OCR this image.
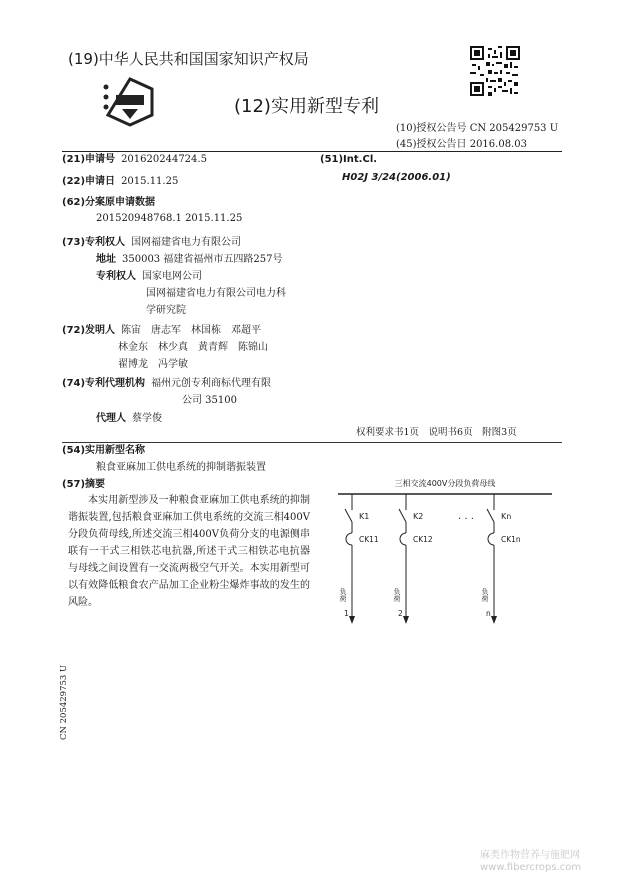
(19)中华人民共和国国家知识产权局
(12)实用新型专利
(10)授权公告号 CN 205429753 U
(45)授权公告日 2016.08.03
(21)申请号 201620244724.5
(22)申请日 2015.11.25
(62)分案原申请数据
201520948768.1 2015.11.25
(73)专利权人 国网福建省电力有限公司
地址 350003 福建省福州市五四路257号
专利权人 国家电网公司
国网福建省电力有限公司电力科
学研究院
(72)发明人 陈宙　唐志军　林国栋　邓超平
林金东　林少真　黄青辉　陈锦山
翟博龙　冯学敏
(74)专利代理机构 福州元创专利商标代理有限
公司 35100
代理人 蔡学俊
(51)Int.Cl.
H02J 3/24(2006.01)
权利要求书1页　说明书6页　附图3页
(54)实用新型名称
粮食亚麻加工供电系统的抑制谐振装置
(57)摘要
本实用新型涉及一种粮食亚麻加工供电系统的抑制谐振装置,包括粮食亚麻加工供电系统的交流三相400V分段负荷母线,所述交流三相400V负荷分支的电源侧串联有一干式三相铁芯电抗器,所述干式三相铁芯电抗器与母线之间设置有一交流两极空气开关。本实用新型可以有效降低粮食农产品加工企业粉尘爆炸事故的发生的风险。
三相交流400V分段负荷母线
K1
CK11
负荷
1
K2
CK12
负荷
2
· · ·	Kn
CK1n
负荷
n
CN 205429753 U
麻类作物营养与施肥网
www.fibercrops.com
